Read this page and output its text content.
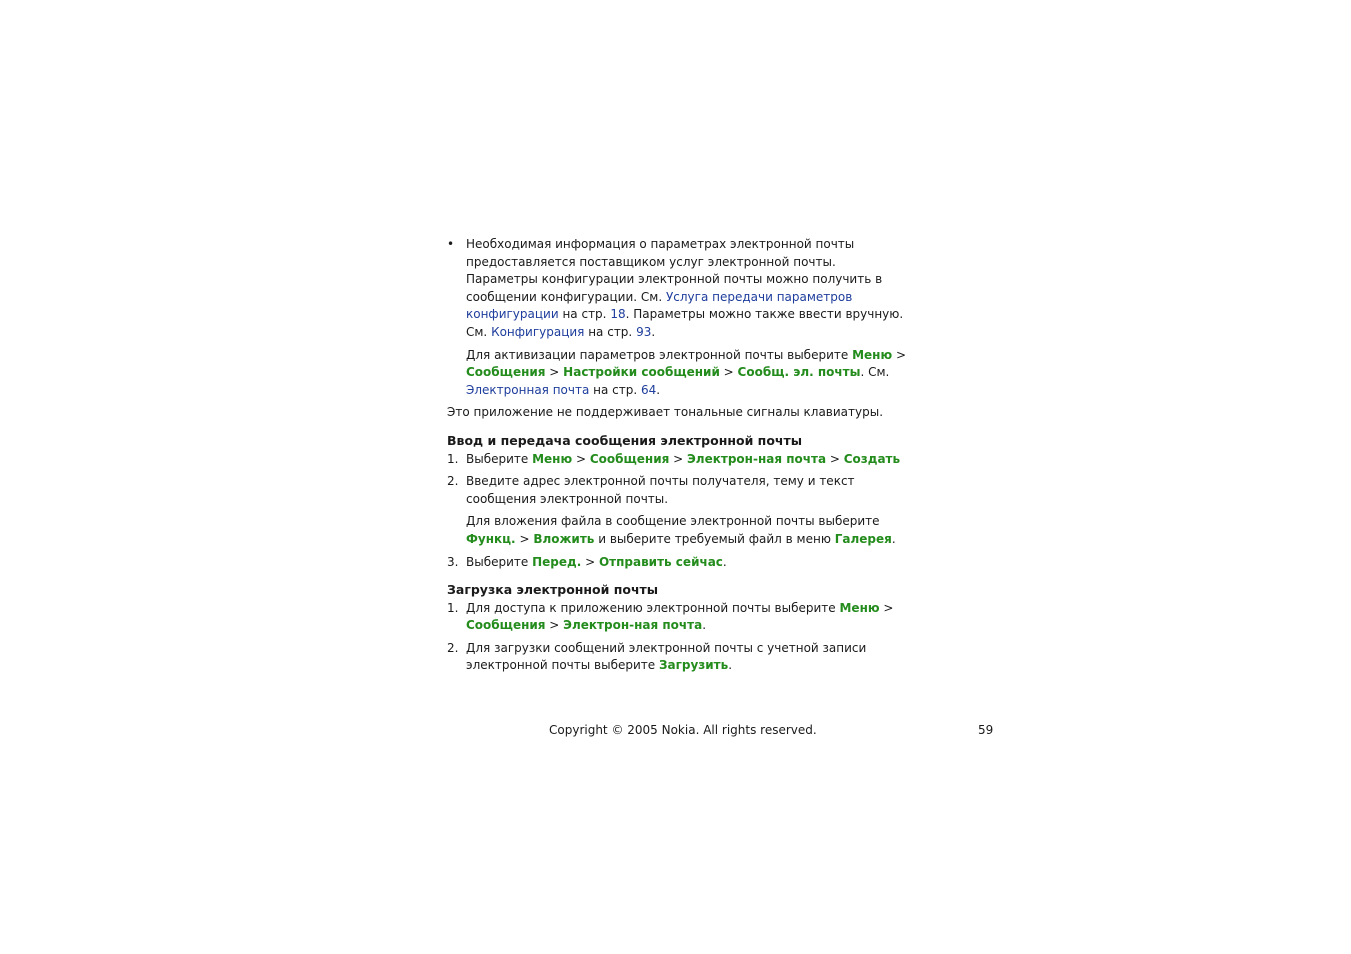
• Необходимая информация о параметрах электронной почты предоставляется поставщиком услуг электронной почты. Параметры конфигурации электронной почты можно получить в сообщении конфигурации. См. Услуга передачи параметров конфигурации на стр. 18. Параметры можно также ввести вручную. См. Конфигурация на стр. 93.

Для активизации параметров электронной почты выберите Меню > Сообщения > Настройки сообщений > Сообщ. эл. почты. См. Электронная почта на стр. 64.

Это приложение не поддерживает тональные сигналы клавиатуры.

Ввод и передача сообщения электронной почты

1. Выберите Меню > Сообщения > Электрон-ная почта > Создать

2. Введите адрес электронной почты получателя, тему и текст сообщения электронной почты.

Для вложения файла в сообщение электронной почты выберите Функц. > Вложить и выберите требуемый файл в меню Галерея.

3. Выберите Перед. > Отправить сейчас.

Загрузка электронной почты

1. Для доступа к приложению электронной почты выберите Меню > Сообщения > Электрон-ная почта.

2. Для загрузки сообщений электронной почты с учетной записи электронной почты выберите Загрузить.

Copyright © 2005 Nokia. All rights reserved.	59
